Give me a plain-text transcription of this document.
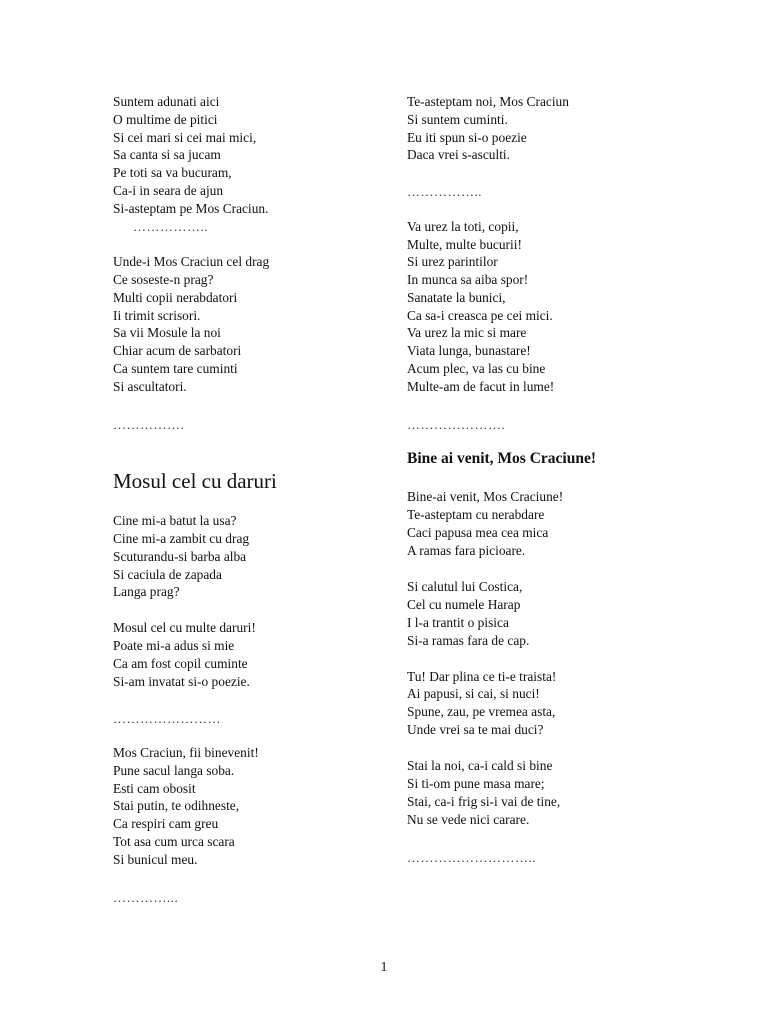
Suntem adunati aici
O multime de pitici
Si cei mari si cei mai mici,
Sa canta si sa jucam
Pe toti sa va bucuram,
Ca-i in seara de ajun
Si-asteptam pe Mos Craciun.
……………..
Unde-i Mos Craciun cel drag
Ce soseste-n prag?
Multi copii nerabdatori
Ii trimit scrisori.
Sa vii Mosule la noi
Chiar acum de sarbatori
Ca suntem tare cuminti
Si ascultatori.
…………….
Mosul cel cu daruri
Cine mi-a batut la usa?
Cine mi-a zambit cu drag
Scuturandu-si barba alba
Si caciula de zapada
Langa prag?
Mosul cel cu multe daruri!
Poate mi-a adus si mie
Ca am fost copil cuminte
Si-am invatat si-o poezie.
……………………
Mos Craciun, fii binevenit!
Pune sacul langa soba.
Esti cam obosit
Stai putin, te odihneste,
Ca respiri cam greu
Tot asa cum urca scara
Si bunicul meu.
…………...
Te-asteptam noi, Mos Craciun
Si suntem cuminti.
Eu iti spun si-o poezie
Daca vrei s-asculti.
……………..
Va urez la toti, copii,
Multe, multe bucurii!
Si urez parintilor
In munca sa aiba spor!
Sanatate la bunici,
Ca sa-i creasca pe cei mici.
Va urez la mic si mare
Viata lunga, bunastare!
Acum plec, va las cu bine
Multe-am de facut in lume!
………………….
Bine ai venit, Mos Craciune!
Bine-ai venit, Mos Craciune!
Te-asteptam cu nerabdare
Caci papusa mea cea mica
A ramas fara picioare.
Si calutul lui Costica,
Cel cu numele Harap
I l-a trantit o pisica
Si-a ramas fara de cap.
Tu! Dar plina ce ti-e traista!
Ai papusi, si cai, si nuci!
Spune, zau, pe vremea asta,
Unde vrei sa te mai duci?
Stai la noi, ca-i cald si bine
Si ti-om pune masa mare;
Stai, ca-i frig si-i vai de tine,
Nu se vede nici carare.
………………………..
1
